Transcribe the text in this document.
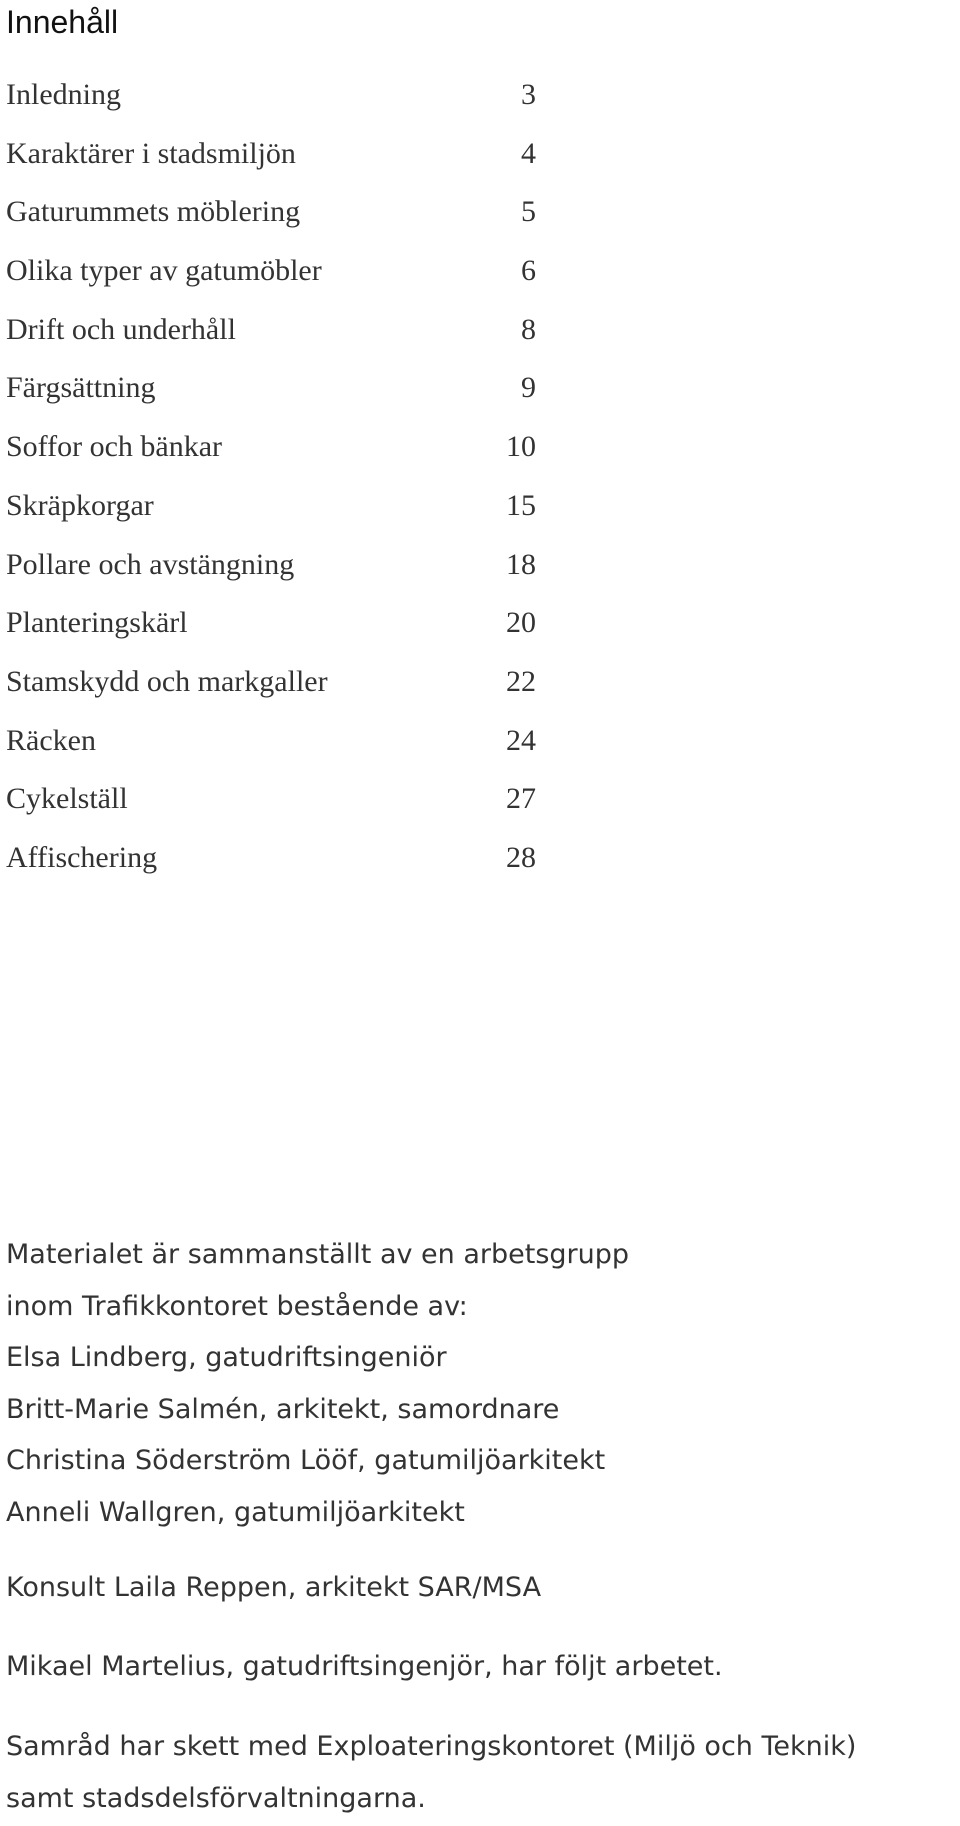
Innehåll
Inledning	3
Karaktärer i stadsmiljön	4
Gaturummets möblering	5
Olika typer av gatumöbler	6
Drift och underhåll	8
Färgsättning	9
Soffor och bänkar	10
Skräpkorgar	15
Pollare och avstängning	18
Planteringskärl	20
Stamskydd och markgaller	22
Räcken	24
Cykelställ	27
Affischering	28

Materialet är sammanställt av en arbetsgrupp
inom Trafikkontoret bestående av:
Elsa Lindberg, gatudriftsingeniör
Britt-Marie Salmén, arkitekt, samordnare
Christina Söderström Lööf, gatumiljöarkitekt
Anneli Wallgren, gatumiljöarkitekt

Konsult Laila Reppen, arkitekt SAR/MSA

Mikael Martelius, gatudriftsingenjör, har följt arbetet.

Samråd har skett med Exploateringskontoret (Miljö och Teknik)
samt stadsdelsförvaltningarna.
